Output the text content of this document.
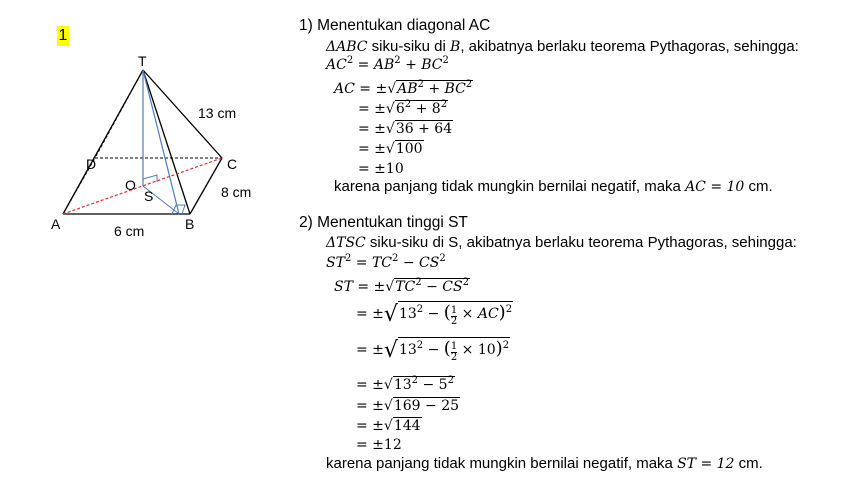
1
T
D	C
A	B
O
S
13 cm
8 cm
6 cm
1) Menentukan diagonal AC
ΔABC siku-siku di B, akibatnya berlaku teorema Pythagoras, sehingga:
$AC^2 = AB^2 + BC^2$
AC = $\pm√AB^2 + BC^2$
= $\pm√6^2 + 8^2$
= ±√36 + 64
= ±√100
= ±10
karena panjang tidak mungkin bernilai negatif, maka AC = 10 cm.
2) Menentukan tinggi ST
ΔTSC siku-siku di S, akibatnya berlaku teorema Pythagoras, sehingga:
$ST^2 = TC^2 - CS^2$
ST = $\pm√TC^2 - CS^2$
= $\pm√13^2$ − ( $\frac{1}{2} \times AC)^2$
= $\pm√13^2$ − ( $\frac{1}{2} \times 10)^2$
= $\pm√13^2 - 5^2$
= ±√169 − 25
= ±√144
= ±12
karena panjang tidak mungkin bernilai negatif, maka ST = 12 cm.
